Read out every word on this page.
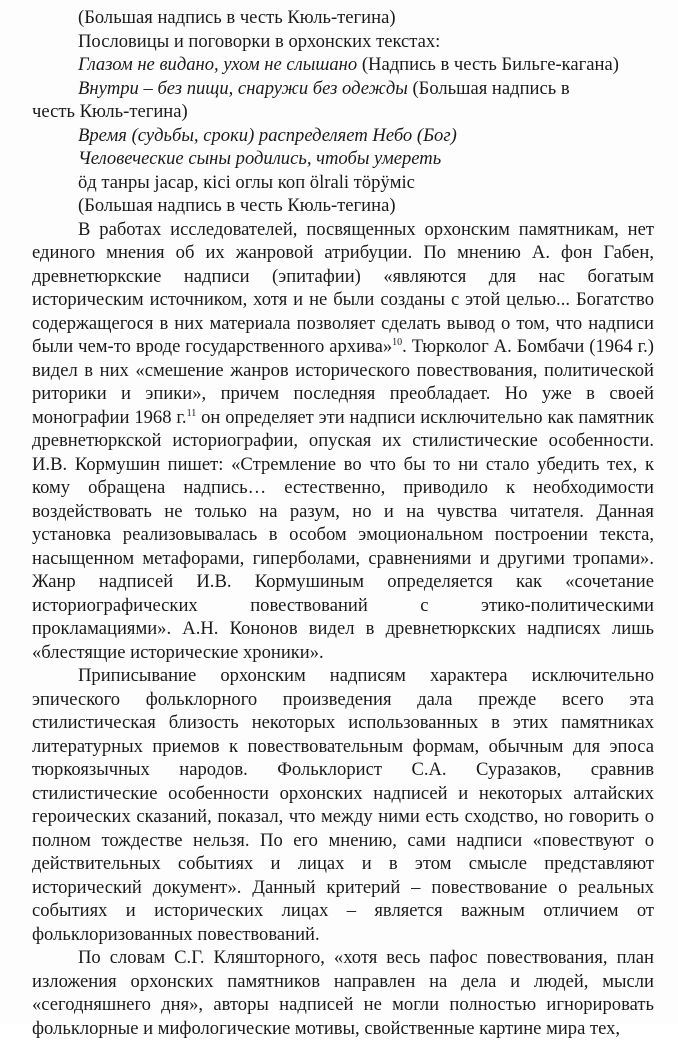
(Большая надпись в честь Кюль-тегина)

Пословицы и поговорки в орхонских текстах:

Глазом не видано, ухом не слышано (Надпись в честь Бильге-кагана)

Внутри – без пищи, снаружи без одежды (Большая надпись в
честь Кюль-тегина)

Время (судьбы, сроки) распределяет Небо (Бог)

Человеческие сыны родились, чтобы умереть

öд танры jасар, кiсi оглы коп ölrali тöрÿмiс

(Большая надпись в честь Кюль-тегина)

В работах исследователей, посвященных орхонским памятникам, нет единого мнения об их жанровой атрибуции. По мнению А. фон Габен, древнетюркские надписи (эпитафии) «являются для нас богатым историческим источником, хотя и не были созданы с этой целью... Богатство содержащегося в них материала позволяет сделать вывод о том, что надписи были чем-то вроде государственного архива»$^{10}$. Тюрколог А. Бомбачи (1964 г.) видел в них «смешение жанров исторического повествования, политической риторики и эпики», причем последняя преобладает. Но уже в своей монографии 1968 г.$^{11}$ он определяет эти надписи исключительно как памятник древнетюркской историографии, опуская их стилистические особенности. И.В. Кормушин пишет: «Стремление во что бы то ни стало убедить тех, к кому обращена надпись… естественно, приводило к необходимости воздействовать не только на разум, но и на чувства читателя. Данная установка реализовывалась в особом эмоциональном построении текста, насыщенном метафорами, гиперболами, сравнениями и другими тропами». Жанр надписей И.В. Кормушиным определяется как «сочетание историографических повествований с этико-политическими прокламациями». А.Н. Кононов видел в древнетюркских надписях лишь «блестящие исторические хроники».

Приписывание орхонским надписям характера исключительно эпического фольклорного произведения дала прежде всего эта стилистическая близость некоторых использованных в этих памятниках литературных приемов к повествовательным формам, обычным для эпоса тюркоязычных народов. Фольклорист С.А. Суразаков, сравнив стилистические особенности орхонских надписей и некоторых алтайских героических сказаний, показал, что между ними есть сходство, но говорить о полном тождестве нельзя. По его мнению, сами надписи «повествуют о действительных событиях и лицах и в этом смысле представляют исторический документ». Данный критерий – повествование о реальных событиях и исторических лицах – является важным отличием от фольклоризованных повествований.

По словам С.Г. Кляшторного, «хотя весь пафос повествования, план изложения орхонских памятников направлен на дела и людей, мысли «сегодняшнего дня», авторы надписей не могли полностью игнорировать фольклорные и мифологические мотивы, свойственные картине мира тех,
